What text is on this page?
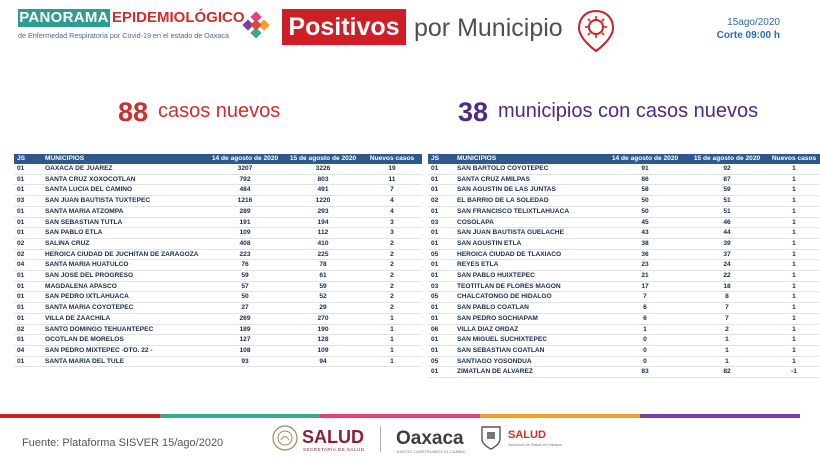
PANORAMA EPIDEMIOLÓGICO
de Enfermedad Respiratoria por Covid-19 en el estado de Oaxaca Positivos por Municipio	15ago/2020
Corte 09:00 h
88 casos nuevos	38 municipios con casos nuevos
JS	MUNICIPIOS	14 de agosto de 2020	15 de agosto de 2020	Nuevos casos
01	OAXACA DE JUAREZ	3207	3226	19
01	SANTA CRUZ XOXOCOTLAN	792	803	11
01	SANTA LUCIA DEL CAMINO	484	491	7
03	SAN JUAN BAUTISTA TUXTEPEC	1216	1220	4
01	SANTA MARIA ATZOMPA	289	293	4
01	SAN SEBASTIAN TUTLA	191	194	3
01	SAN PABLO ETLA	109	112	3
02	SALINA CRUZ	408	410	2
02	HEROICA CIUDAD DE JUCHITAN DE ZARAGOZA	223	225	2
04	SANTA MARIA HUATULCO	76	78	2
01	SAN JOSE DEL PROGRESO	59	61	2
01	MAGDALENA APASCO	57	59	2
01	SAN PEDRO IXTLAHUACA	50	52	2
01	SANTA MARIA COYOTEPEC	27	29	2
01	VILLA DE ZAACHILA	269	270	1
02	SANTO DOMINGO TEHUANTEPEC	189	190	1
01	OCOTLAN DE MORELOS	127	128	1
04	SAN PEDRO MIXTEPEC -DTO. 22 -	108	109	1
01	SANTA MARIA DEL TULE	93	94	1
JS	MUNICIPIOS	14 de agosto de 2020	15 de agosto de 2020	Nuevos casos
01	SAN BARTOLO COYOTEPEC	91	92	1
01	SANTA CRUZ AMILPAS	86	87	1
01	SAN AGUSTIN DE LAS JUNTAS	58	59	1
02	EL BARRIO DE LA SOLEDAD	50	51	1
01	SAN FRANCISCO TELIXTLAHUACA	50	51	1
03	COSOLAPA	45	46	1
01	SAN JUAN BAUTISTA GUELACHE	43	44	1
01	SAN AGUSTIN ETLA	38	39	1
05	HEROICA CIUDAD DE TLAXIACO	36	37	1
01	REYES ETLA	23	24	1
01	SAN PABLO HUIXTEPEC	21	22	1
03	TEOTITLAN DE FLORES MAGON	17	18	1
05	CHALCATONGO DE HIDALGO	7	8	1
01	SAN PABLO COATLAN	6	7	1
01	SAN PEDRO SOCHIAPAM	6	7	1
06	VILLA DIAZ ORDAZ	1	2	1
01	SAN MIGUEL SUCHIXTEPEC	0	1	1
01	SAN SEBASTIAN COATLAN	0	1	1
05	SANTIAGO YOSONDUA	0	1	1
01	ZIMATLAN DE ALVAREZ	83	82	-1
Fuente: Plataforma SISVER 15/ago/2020	SALUD
SECRETARÍA DE SALUD
Oaxaca
JUNTOS CONSTRUIMOS EL CAMBIO
SALUD
Servicios de Salud de Oaxaca
